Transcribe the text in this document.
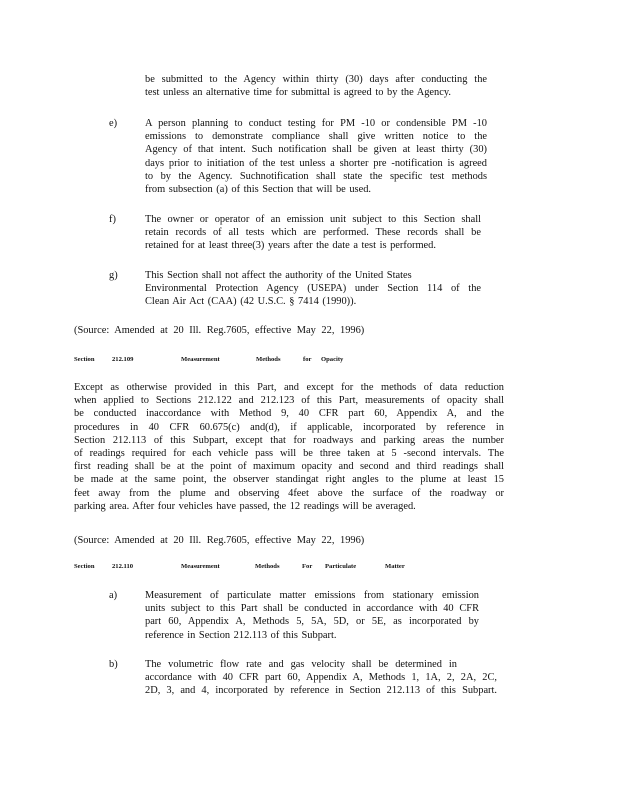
be submitted to the Agency within thirty (30) days after conducting the
test unless an alternative time for submittal is agreed to by the Agency.
e)	A person planning to conduct testing for PM -10 or condensible PM -10
emissions to demonstrate compliance shall give written notice to the
Agency of that intent. Such notification shall be given at least thirty (30)
days prior to initiation of the test unless a shorter pre -notification is agreed
to by the Agency. Suchnotification shall state the specific test methods
from subsection (a) of this Section that will be used.
f)	The owner or operator of an emission unit subject to this Section shall
retain records of all tests which are performed. These records shall be
retained for at least three(3) years after the date a test is performed.
g)	This Section shall not affect the authority of the United States
Environmental Protection Agency (USEPA) under Section 114 of the
Clean Air Act (CAA) (42 U.S.C. § 7414 (1990)).
(Source: Amended at 20 Ill. Reg.7605, effective May 22, 1996)
Section	212.109	Measurement	Methods	for Opacity
Except as otherwise provided in this Part, and except for the methods of data reduction
when applied to Sections 212.122 and 212.123 of this Part, measurements of opacity shall
be conducted inaccordance with Method 9, 40 CFR part 60, Appendix A, and the
procedures in 40 CFR 60.675(c) and(d), if applicable, incorporated by reference in
Section 212.113 of this Subpart, except that for roadways and parking areas the number
of readings required for each vehicle pass will be three taken at 5 -second intervals. The
first reading shall be at the point of maximum opacity and second and third readings shall
be made at the same point, the observer standingat right angles to the plume at least 15
feet away from the plume and observing 4feet above the surface of the roadway or
parking area. After four vehicles have passed, the 12 readings will be averaged.
(Source: Amended at 20 Ill. Reg.7605, effective May 22, 1996)
Section	212.110	Measurement	Methods	For Particulate	Matter
a)	Measurement of particulate matter emissions from stationary emission
units subject to this Part shall be conducted in accordance with 40 CFR
part 60, Appendix A, Methods 5, 5A, 5D, or 5E, as incorporated by
reference in Section 212.113 of this Subpart.
b)	The volumetric flow rate and gas velocity shall be determined in
accordance with 40 CFR part 60, Appendix A, Methods 1, 1A, 2, 2A, 2C,
2D, 3, and 4, incorporated by reference in Section 212.113 of this Subpart.
